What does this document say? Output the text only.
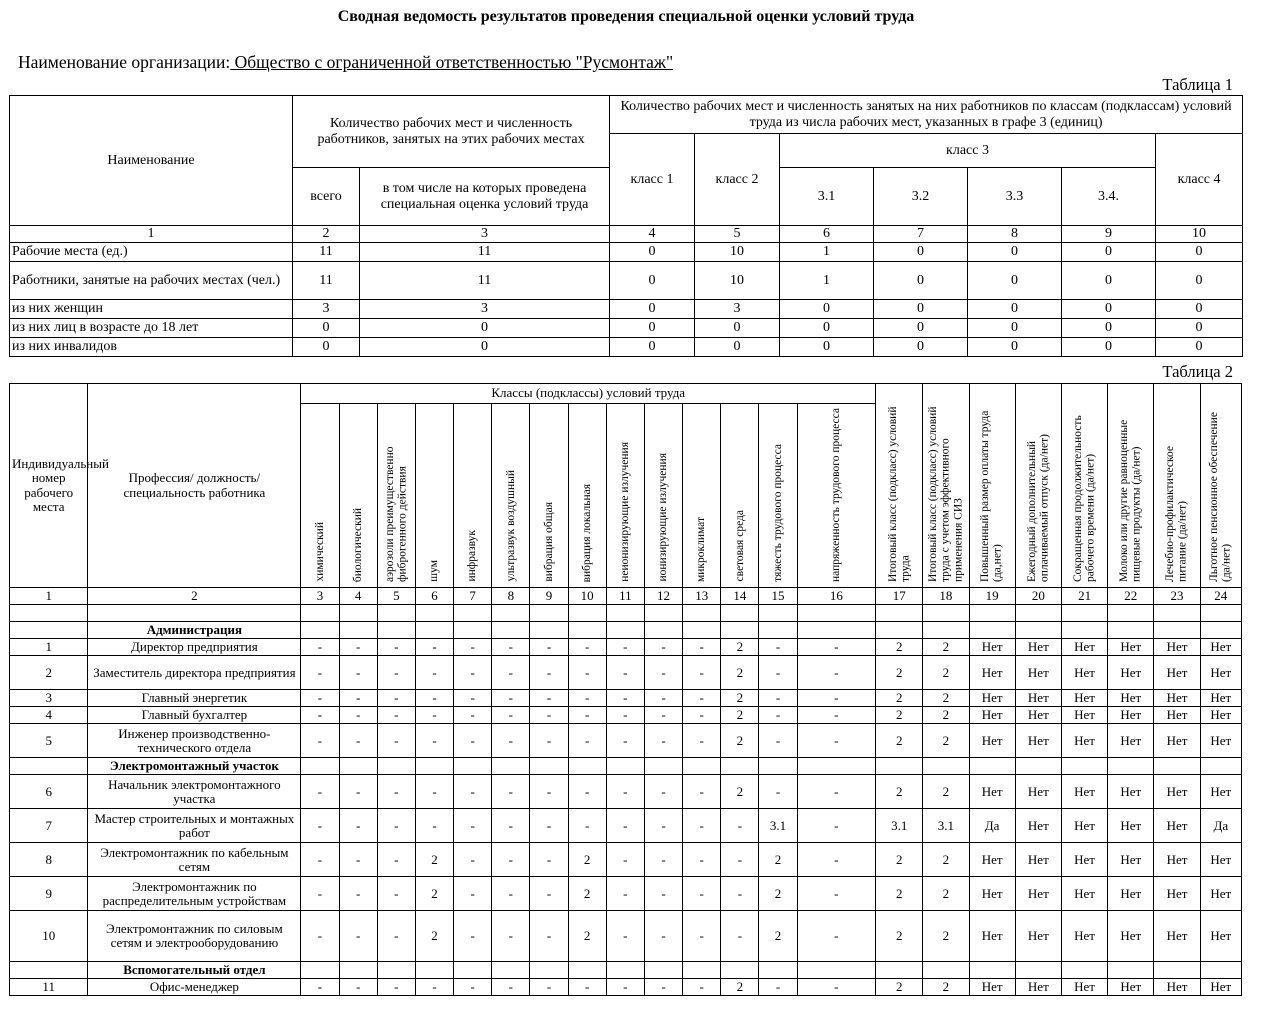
Сводная ведомость результатов проведения специальной оценки условий труда
Наименование организации: Общество с ограниченной ответственностью "Русмонтаж"
Таблица 1
Наименование	Количество рабочих мест и численность работников, занятых на этих рабочих местах		Количество рабочих мест и численность занятых на них работников по классам (подклассам) условий труда из числа рабочих мест, указанных в графе 3 (единиц)						
			класс 1	класс 2	класс 3				класс 4
	всего	в том числе на которых проведена специальная оценка условий труда			3.1	3.2	3.3	3.4.	
1	2	3	4	5	6	7	8	9	10
Рабочие места (ед.)	11	11	0	10	1	0	0	0	0
Работники, занятые на рабочих местах (чел.)	11	11	0	10	1	0	0	0	0
из них женщин	3	3	0	3	0	0	0	0	0
из них лиц в возрасте до 18 лет	0	0	0	0	0	0	0	0	0
из них инвалидов	0	0	0	0	0	0	0	0	0
Таблица 2
Индивидуальный номер рабочего места	Профессия/ должность/ специальность работника	Классы (подклассы) условий труда														Итоговый класс (подкласс) условий труда	Итоговый класс (подкласс) условий труда с учетом эффективного применения СИЗ	Повышенный размер оплаты труда (да,нет)	Ежегодный дополнительный оплачиваемый отпуск (да/нет)	Сокращенная продолжительность рабочего времени (да/нет)	Молоко или другие равноценные пищевые продукты (да/нет)	Лечебно-профилактическое питание (да/нет)	Льготное пенсионное обеспечение (да/нет)
		химический	биологический	аэрозоли преимущественно фиброгенного действия	шум	инфразвук	ультразвук воздушный	вибрация общая	вибрация локальная	неионизирующие излучения	ионизирующие излучения	микроклимат	световая среда	тяжесть трудового процесса	напряженность трудового процесса								
1	2	3	4	5	6	7	8	9	10	11	12	13	14	15	16	17	18	19	20	21	22	23	24

	Администрация																						
1	Директор предприятия	-	-	-	-	-	-	-	-	-	-	-	2	-	-	2	2	Нет	Нет	Нет	Нет	Нет	Нет
2	Заместитель директора предприятия	-	-	-	-	-	-	-	-	-	-	-	2	-	-	2	2	Нет	Нет	Нет	Нет	Нет	Нет
3	Главный энергетик	-	-	-	-	-	-	-	-	-	-	-	2	-	-	2	2	Нет	Нет	Нет	Нет	Нет	Нет
4	Главный бухгалтер	-	-	-	-	-	-	-	-	-	-	-	2	-	-	2	2	Нет	Нет	Нет	Нет	Нет	Нет
5	Инженер производственно-технического отдела	-	-	-	-	-	-	-	-	-	-	-	2	-	-	2	2	Нет	Нет	Нет	Нет	Нет	Нет
	Электромонтажный участок																						
6	Начальник электромонтажного участка	-	-	-	-	-	-	-	-	-	-	-	2	-	-	2	2	Нет	Нет	Нет	Нет	Нет	Нет
7	Мастер строительных и монтажных работ	-	-	-	-	-	-	-	-	-	-	-	-	3.1	-	3.1	3.1	Да	Нет	Нет	Нет	Нет	Да
8	Электромонтажник по кабельным сетям	-	-	-	2	-	-	-	2	-	-	-	-	2	-	2	2	Нет	Нет	Нет	Нет	Нет	Нет
9	Электромонтажник по распределительным устройствам	-	-	-	2	-	-	-	2	-	-	-	-	2	-	2	2	Нет	Нет	Нет	Нет	Нет	Нет
10	Электромонтажник по силовым сетям и электрооборудованию	-	-	-	2	-	-	-	2	-	-	-	-	2	-	2	2	Нет	Нет	Нет	Нет	Нет	Нет
	Вспомогательный отдел																						
11	Офис-менеджер	-	-	-	-	-	-	-	-	-	-	-	2	-	-	2	2	Нет	Нет	Нет	Нет	Нет	Нет
